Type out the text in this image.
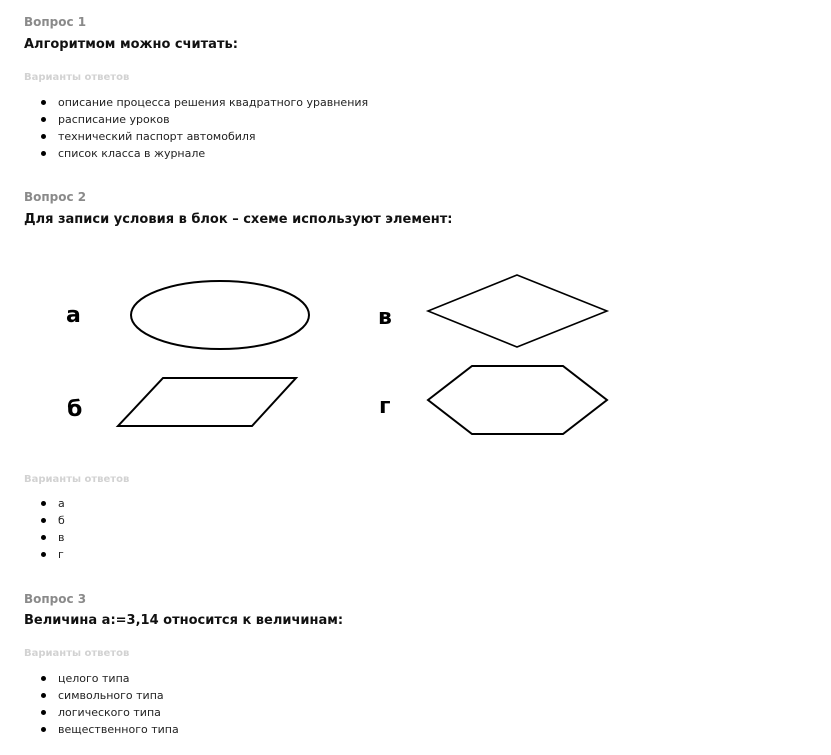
Вопрос 1
Алгоритмом можно считать:
Варианты ответов
описание процесса решения квадратного уравнения
расписание уроков
технический паспорт автомобиля
список класса в журнале
Вопрос 2
Для записи условия в блок – схеме используют элемент:
а	в
б	г
Варианты ответов
а
б
в
г
Вопрос 3
Величина а:=3,14 относится к величинам:
Варианты ответов
целого типа
символьного типа
логического типа
вещественного типа
